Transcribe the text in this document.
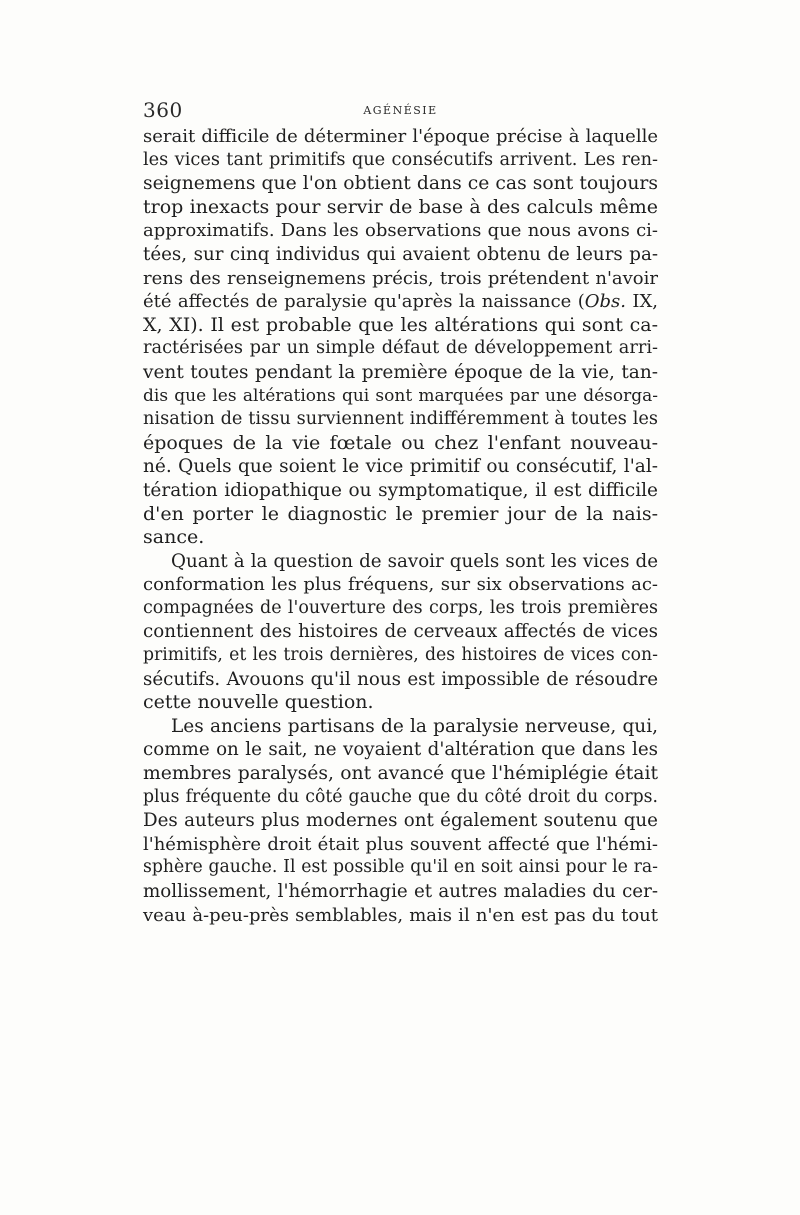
360	AGÉNÉSIE
serait difficile de déterminer l'époque précise à laquelle
les vices tant primitifs que consécutifs arrivent. Les ren-
seignemens que l'on obtient dans ce cas sont toujours
trop inexacts pour servir de base à des calculs même
approximatifs. Dans les observations que nous avons ci-
tées, sur cinq individus qui avaient obtenu de leurs pa-
rens des renseignemens précis, trois prétendent n'avoir
été affectés de paralysie qu'après la naissance (Obs. IX,
X, XI). Il est probable que les altérations qui sont ca-
ractérisées par un simple défaut de développement arri-
vent toutes pendant la première époque de la vie, tan-
dis que les altérations qui sont marquées par une désorga-
nisation de tissu surviennent indifféremment à toutes les
époques de la vie fœtale ou chez l'enfant nouveau-
né. Quels que soient le vice primitif ou consécutif, l'al-
tération idiopathique ou symptomatique, il est difficile
d'en porter le diagnostic le premier jour de la nais-
sance.
Quant à la question de savoir quels sont les vices de
conformation les plus fréquens, sur six observations ac-
compagnées de l'ouverture des corps, les trois premières
contiennent des histoires de cerveaux affectés de vices
primitifs, et les trois dernières, des histoires de vices con-
sécutifs. Avouons qu'il nous est impossible de résoudre
cette nouvelle question.
Les anciens partisans de la paralysie nerveuse, qui,
comme on le sait, ne voyaient d'altération que dans les
membres paralysés, ont avancé que l'hémiplégie était
plus fréquente du côté gauche que du côté droit du corps.
Des auteurs plus modernes ont également soutenu que
l'hémisphère droit était plus souvent affecté que l'hémi-
sphère gauche. Il est possible qu'il en soit ainsi pour le ra-
mollissement, l'hémorrhagie et autres maladies du cer-
veau à-peu-près semblables, mais il n'en est pas du tout
